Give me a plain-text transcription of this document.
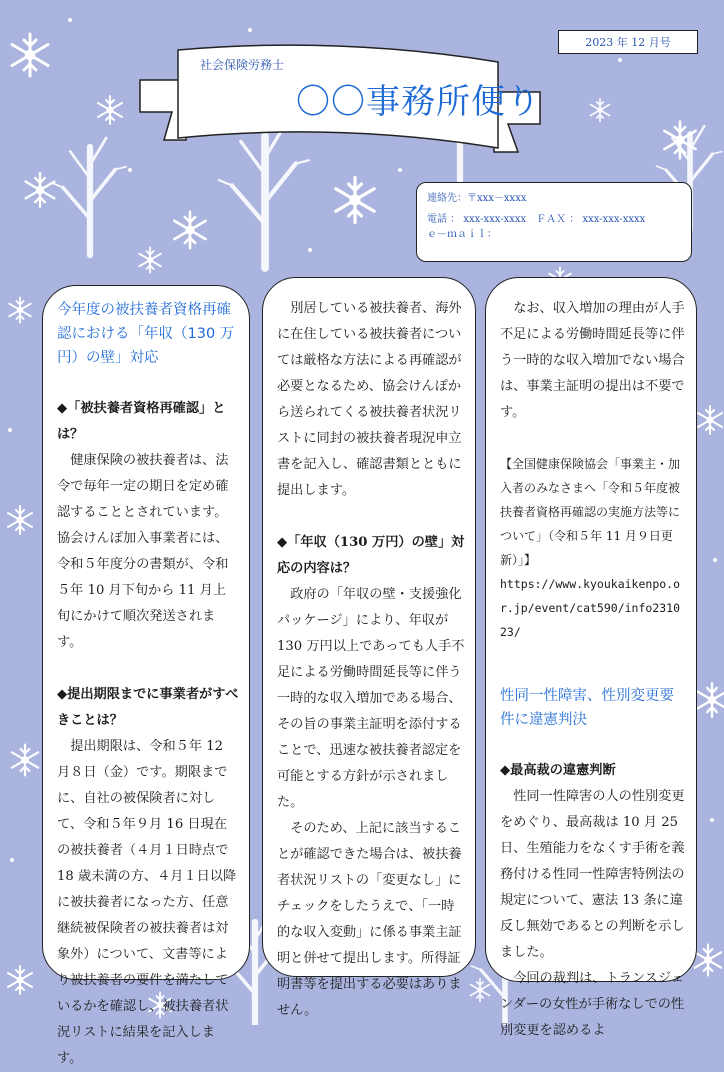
2023 年 12 月号
社会保険労務士
〇〇事務所便り
連絡先：〒xxx－xxxx
電話 ： xxx-xxx-xxxx　ＦＡＸ ： xxx-xxx-xxxx
ｅ－ｍａｉｌ：
今年度の被扶養者資格再確認における「年収（130 万円）の壁」対応
◆「被扶養者資格再確認」とは？
健康保険の被扶養者は、法令で毎年一定の期日を定め確認することとされています。協会けんぽ加入事業者には、令和５年度分の書類が、令和５年 10 月下旬から 11 月上旬にかけて順次発送されます。
◆提出期限までに事業者がすべきことは？
提出期限は、令和５年 12 月８日（金）です。期限までに、自社の被保険者に対して、令和５年９月 16 日現在の被扶養者（４月１日時点で 18 歳未満の方、４月１日以降に被扶養者になった方、任意継続被保険者の被扶養者は対象外）について、文書等により被扶養者の要件を満たしているかを確認し、被扶養者状況リストに結果を記入します。
別居している被扶養者、海外に在住している被扶養者については厳格な方法による再確認が必要となるため、協会けんぽから送られてくる被扶養者状況リストに同封の被扶養者現況申立書を記入し、確認書類とともに提出します。
◆「年収（130 万円）の壁」対応の内容は？
政府の「年収の壁・支援強化パッケージ」により、年収が 130 万円以上であっても人手不足による労働時間延長等に伴う一時的な収入増加である場合、その旨の事業主証明を添付することで、迅速な被扶養者認定を可能とする方針が示されました。
そのため、上記に該当することが確認できた場合は、被扶養者状況リストの「変更なし」にチェックをしたうえで、「一時的な収入変動」に係る事業主証明と併せて提出します。所得証明書等を提出する必要はありません。
なお、収入増加の理由が人手不足による労働時間延長等に伴う一時的な収入増加でない場合は、事業主証明の提出は不要です。
【全国健康保険協会「事業主・加入者のみなさまへ「令和５年度被扶養者資格再確認の実施方法等について」（令和５年 11 月９日更新）」】
https://www.kyoukaikenpo.or.jp/event/cat590/info231023/
性同一性障害、性別変更要件に違憲判決
◆最高裁の違憲判断
性同一性障害の人の性別変更をめぐり、最高裁は 10 月 25 日、生殖能力をなくす手術を義務付ける性同一性障害特例法の規定について、憲法 13 条に違反し無効であるとの判断を示しました。
今回の裁判は、トランスジェンダーの女性が手術なしでの性別変更を認めるよ
